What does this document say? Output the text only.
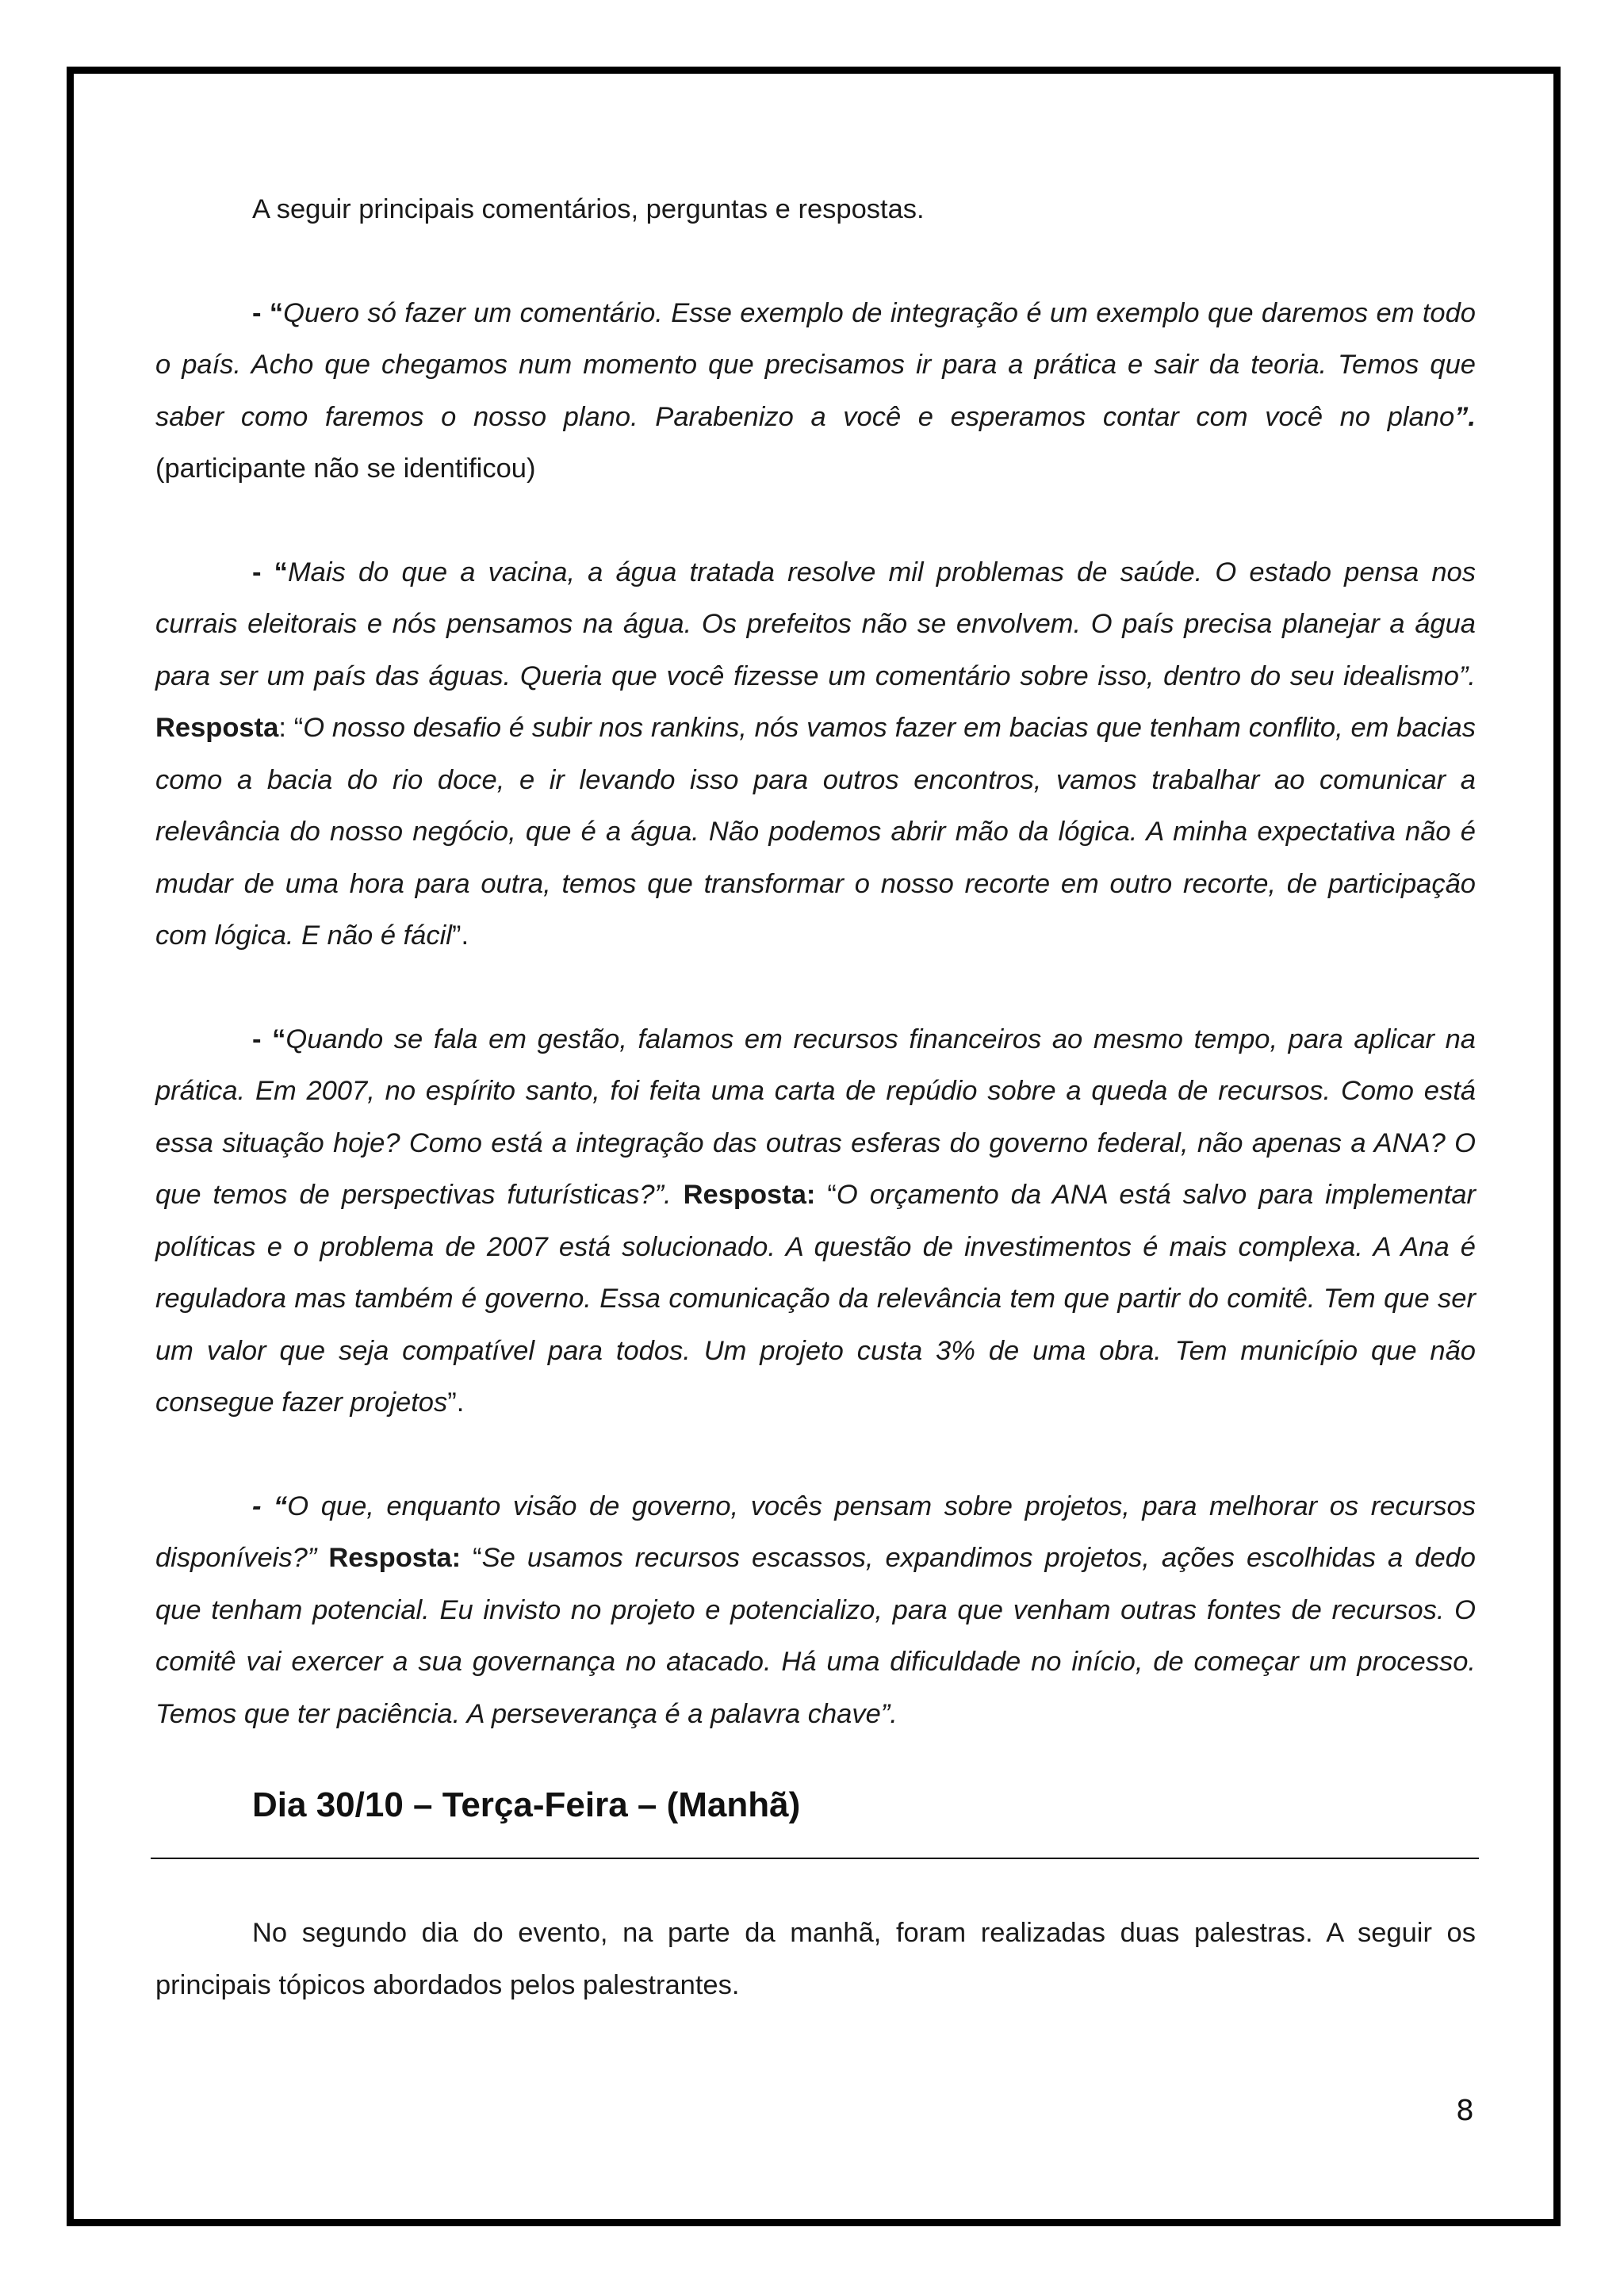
A seguir principais comentários, perguntas e respostas.

- “Quero só fazer um comentário. Esse exemplo de integração é um exemplo que daremos em todo o país. Acho que chegamos num momento que precisamos ir para a prática e sair da teoria. Temos que saber como faremos o nosso plano. Parabenizo a você e esperamos contar com você no plano”. (participante não se identificou)

- “Mais do que a vacina, a água tratada resolve mil problemas de saúde. O estado pensa nos currais eleitorais e nós pensamos na água. Os prefeitos não se envolvem. O país precisa planejar a água para ser um país das águas. Queria que você fizesse um comentário sobre isso, dentro do seu idealismo”. Resposta: “O nosso desafio é subir nos rankins, nós vamos fazer em bacias que tenham conflito, em bacias como a bacia do rio doce, e ir levando isso para outros encontros, vamos trabalhar ao comunicar a relevância do nosso negócio, que é a água. Não podemos abrir mão da lógica. A minha expectativa não é mudar de uma hora para outra, temos que transformar o nosso recorte em outro recorte, de participação com lógica. E não é fácil”.

- “Quando se fala em gestão, falamos em recursos financeiros ao mesmo tempo, para aplicar na prática. Em 2007, no espírito santo, foi feita uma carta de repúdio sobre a queda de recursos. Como está essa situação hoje? Como está a integração das outras esferas do governo federal, não apenas a ANA? O que temos de perspectivas futurísticas?”. Resposta: “O orçamento da ANA está salvo para implementar políticas e o problema de 2007 está solucionado. A questão de investimentos é mais complexa. A Ana é reguladora mas também é governo. Essa comunicação da relevância tem que partir do comitê. Tem que ser um valor que seja compatível para todos. Um projeto custa 3% de uma obra. Tem município que não consegue fazer projetos”.

- “O que, enquanto visão de governo, vocês pensam sobre projetos, para melhorar os recursos disponíveis?” Resposta: “Se usamos recursos escassos, expandimos projetos, ações escolhidas a dedo que tenham potencial. Eu invisto no projeto e potencializo, para que venham outras fontes de recursos. O comitê vai exercer a sua governança no atacado. Há uma dificuldade no início, de começar um processo. Temos que ter paciência. A perseverança é a palavra chave”.

Dia 30/10 – Terça-Feira – (Manhã)

No segundo dia do evento, na parte da manhã, foram realizadas duas palestras. A seguir os principais tópicos abordados pelos palestrantes.

8
